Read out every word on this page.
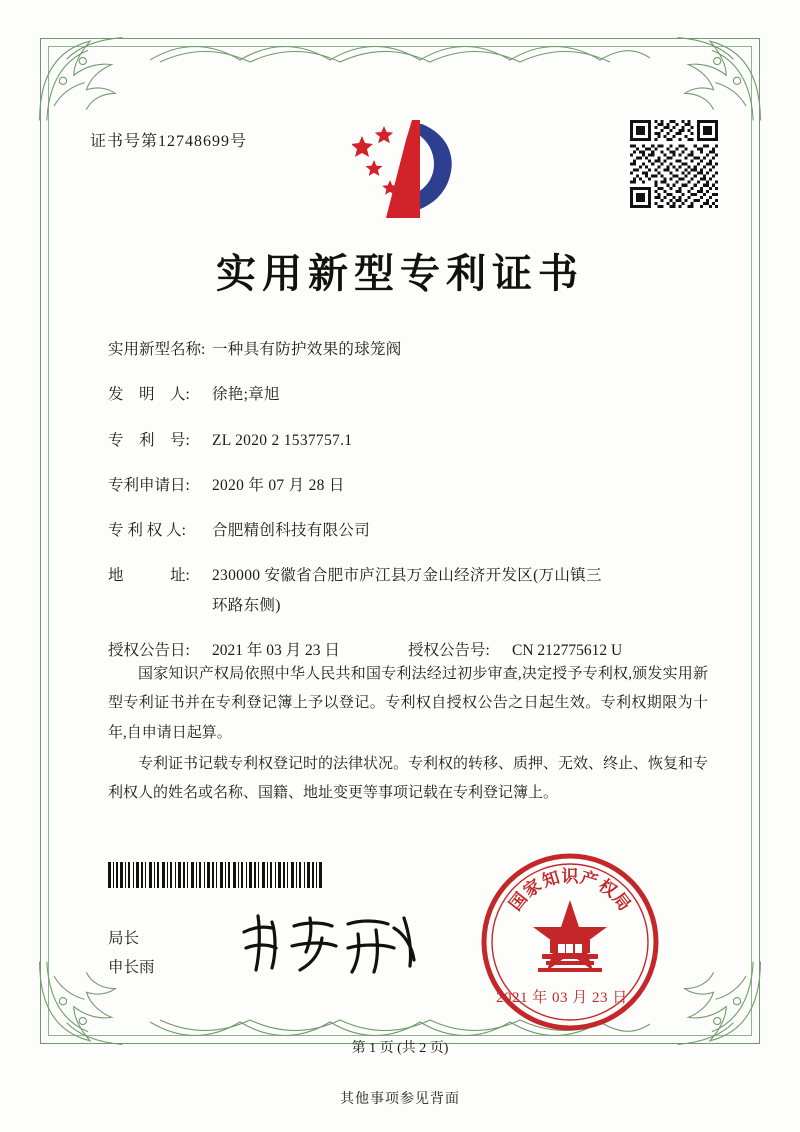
证书号第12748699号
实用新型专利证书
实用新型名称: 一种具有防护效果的球笼阀
发　明　人:	徐艳;章旭
专　利　号:	ZL 2020 2 1537757.1
专利申请日:	2020 年 07 月 28 日
专 利 权 人:	合肥精创科技有限公司
地　　　址:	230000 安徽省合肥市庐江县万金山经济开发区(万山镇三
环路东侧)
授权公告日:	2021 年 03 月 23 日	授权公告号:	CN 212775612 U

国家知识产权局依照中华人民共和国专利法经过初步审查,决定授予专利权,颁发实用新型专利证书并在专利登记簿上予以登记。专利权自授权公告之日起生效。专利权期限为十年,自申请日起算。

专利证书记载专利权登记时的法律状况。专利权的转移、质押、无效、终止、恢复和专利权人的姓名或名称、国籍、地址变更等事项记载在专利登记簿上。

局长
申长雨
国
家
知 识 产
权
局
2021 年 03 月 23 日
第 1 页 (共 2 页)
其他事项参见背面
